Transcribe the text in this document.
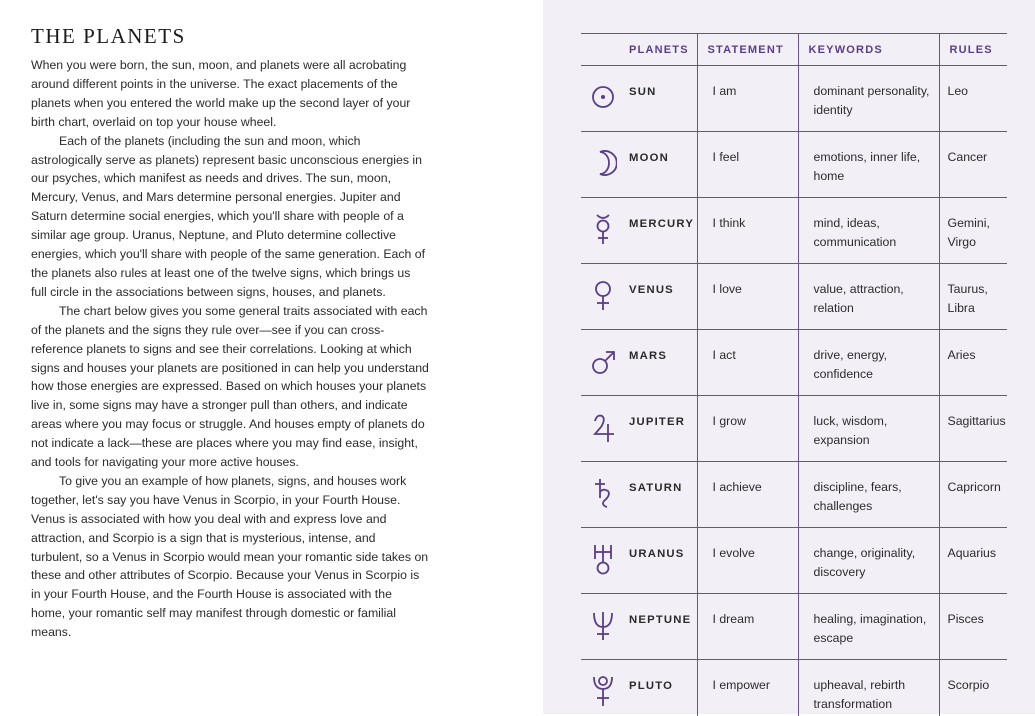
THE PLANETS

When you were born, the sun, moon, and planets were all acrobating around different points in the universe. The exact placements of the planets when you entered the world make up the second layer of your birth chart, overlaid on top your house wheel.

Each of the planets (including the sun and moon, which astrologically serve as planets) represent basic unconscious energies in our psyches, which manifest as needs and drives. The sun, moon, Mercury, Venus, and Mars determine personal energies. Jupiter and Saturn determine social energies, which you'll share with people of a similar age group. Uranus, Neptune, and Pluto determine collective energies, which you'll share with people of the same generation. Each of the planets also rules at least one of the twelve signs, which brings us full circle in the associations between signs, houses, and planets.

The chart below gives you some general traits associated with each of the planets and the signs they rule over—see if you can cross-reference planets to signs and see their correlations. Looking at which signs and houses your planets are positioned in can help you understand how those energies are expressed. Based on which houses your planets live in, some signs may have a stronger pull than others, and indicate areas where you may focus or struggle. And houses empty of planets do not indicate a lack—these are places where you may find ease, insight, and tools for navigating your more active houses.

To give you an example of how planets, signs, and houses work together, let's say you have Venus in Scorpio, in your Fourth House. Venus is associated with how you deal with and express love and attraction, and Scorpio is a sign that is mysterious, intense, and turbulent, so a Venus in Scorpio would mean your romantic side takes on these and other attributes of Scorpio. Because your Venus in Scorpio is in your Fourth House, and the Fourth House is associated with the home, your romantic self may manifest through domestic or familial means.

PLANETS	STATEMENT	KEYWORDS	RULES

SUN	I am	dominant personality, identity	Leo

MOON	I feel	emotions, inner life, home	Cancer

MERCURY	I think	mind, ideas, communication	Gemini, Virgo

VENUS	I love	value, attraction, relation	Taurus, Libra

MARS	I act	drive, energy, confidence	Aries

JUPITER	I grow	luck, wisdom, expansion	Sagittarius

SATURN	I achieve	discipline, fears, challenges	Capricorn

URANUS	I evolve	change, originality, discovery	Aquarius

NEPTUNE	I dream	healing, imagination, escape	Pisces

PLUTO	I empower	upheaval, rebirth transformation	Scorpio
